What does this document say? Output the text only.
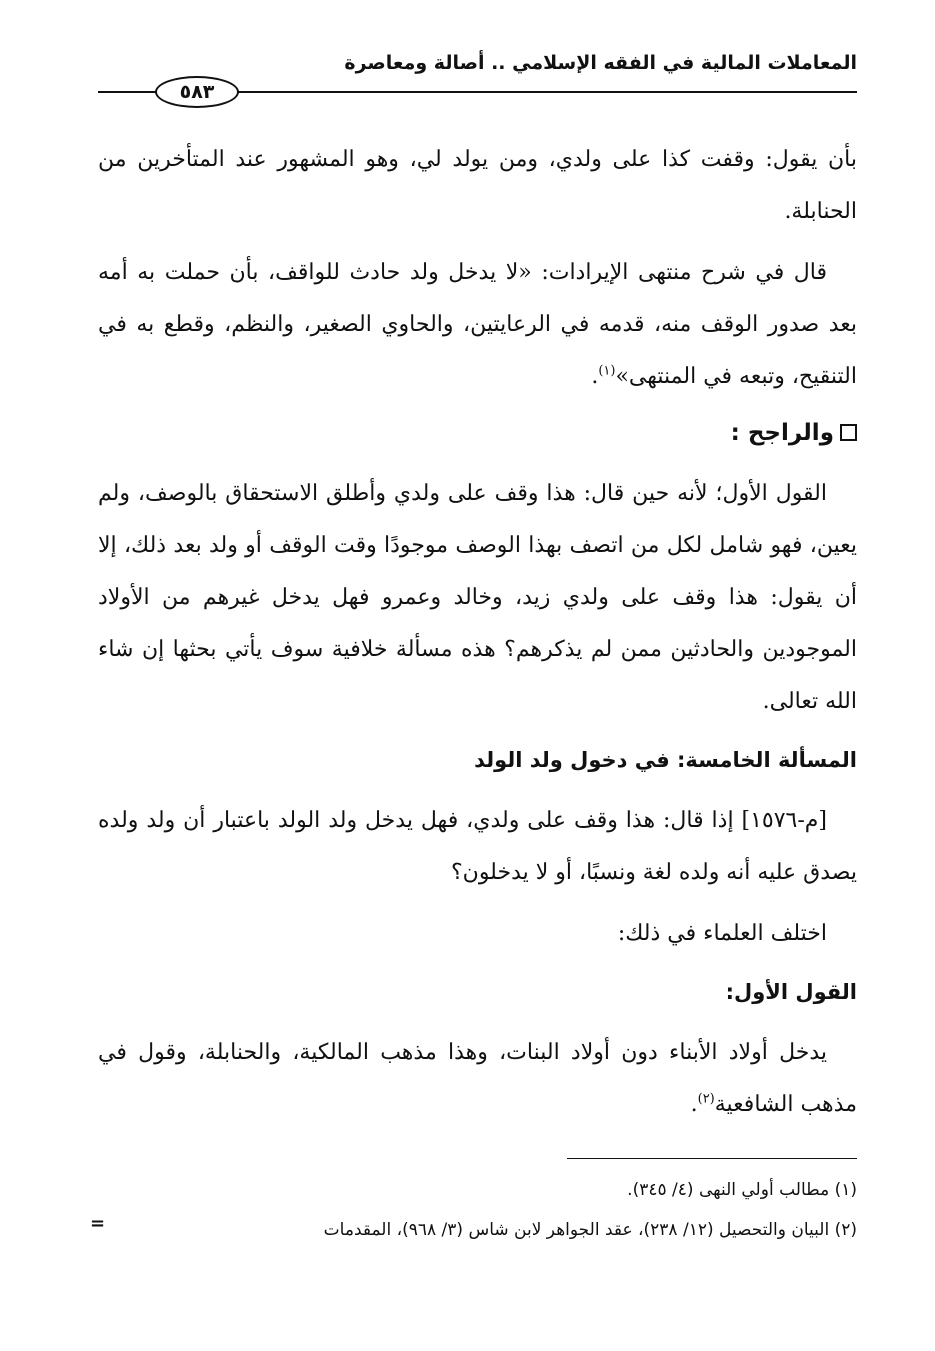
المعاملات المالية في الفقه الإسلامي .. أصالة ومعاصرة
٥٨٣

بأن يقول: وقفت كذا على ولدي، ومن يولد لي، وهو المشهور عند المتأخرين من الحنابلة.

قال في شرح منتهى الإيرادات: «لا يدخل ولد حادث للواقف، بأن حملت به أمه بعد صدور الوقف منه، قدمه في الرعايتين، والحاوي الصغير، والنظم، وقطع به في التنقيح، وتبعه في المنتهى»$^{(١)}$.

والراجح :

القول الأول؛ لأنه حين قال: هذا وقف على ولدي وأطلق الاستحقاق بالوصف، ولم يعين، فهو شامل لكل من اتصف بهذا الوصف موجودًا وقت الوقف أو ولد بعد ذلك، إلا أن يقول: هذا وقف على ولدي زيد، وخالد وعمرو فهل يدخل غيرهم من الأولاد الموجودين والحادثين ممن لم يذكرهم؟ هذه مسألة خلافية سوف يأتي بحثها إن شاء الله تعالى.

المسألة الخامسة: في دخول ولد الولد

[م-١٥٧٦] إذا قال: هذا وقف على ولدي، فهل يدخل ولد الولد باعتبار أن ولد ولده يصدق عليه أنه ولده لغة ونسبًا، أو لا يدخلون؟

اختلف العلماء في ذلك:

القول الأول:

يدخل أولاد الأبناء دون أولاد البنات، وهذا مذهب المالكية، والحنابلة، وقول في مذهب الشافعية$^{(٢)}$.

(١) مطالب أولي النهى (٤/ ٣٤٥).

(٢) البيان والتحصيل (١٢/ ٢٣٨)، عقد الجواهر لابن شاس (٣/ ٩٦٨)، المقدمات

=
